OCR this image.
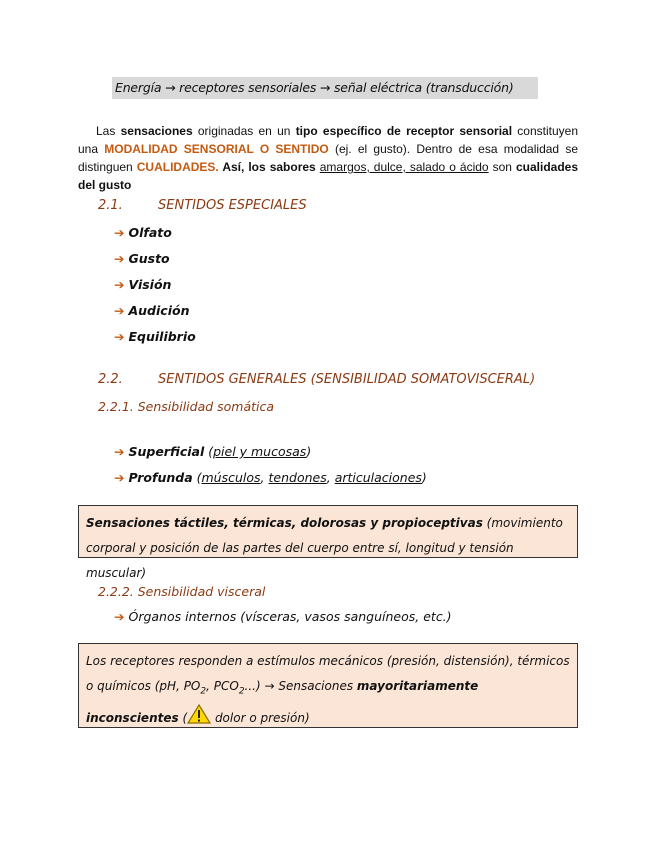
Energía → receptores sensoriales → señal eléctrica (transducción)
Las sensaciones originadas en un tipo específico de receptor sensorial constituyen una MODALIDAD SENSORIAL O SENTIDO (ej. el gusto). Dentro de esa modalidad se distinguen CUALIDADES. Así, los sabores amargos, dulce, salado o ácido son cualidades del gusto
2.1.	SENTIDOS ESPECIALES
➔ Olfato
➔ Gusto
➔ Visión
➔ Audición
➔ Equilibrio
2.2.	SENTIDOS GENERALES (SENSIBILIDAD SOMATOVISCERAL)
2.2.1. Sensibilidad somática
➔ Superficial (piel y mucosas)
➔ Profunda (músculos, tendones, articulaciones)
Sensaciones táctiles, térmicas, dolorosas y propioceptivas (movimiento corporal y posición de las partes del cuerpo entre sí, longitud y tensión muscular)
2.2.2. Sensibilidad visceral
➔ Órganos internos (vísceras, vasos sanguíneos, etc.)
Los receptores responden a estímulos mecánicos (presión, distensión), térmicos o químicos (pH, $PO_2$, $PCO_2$...) → Sensaciones mayoritariamente inconscientes ( dolor o presión)
